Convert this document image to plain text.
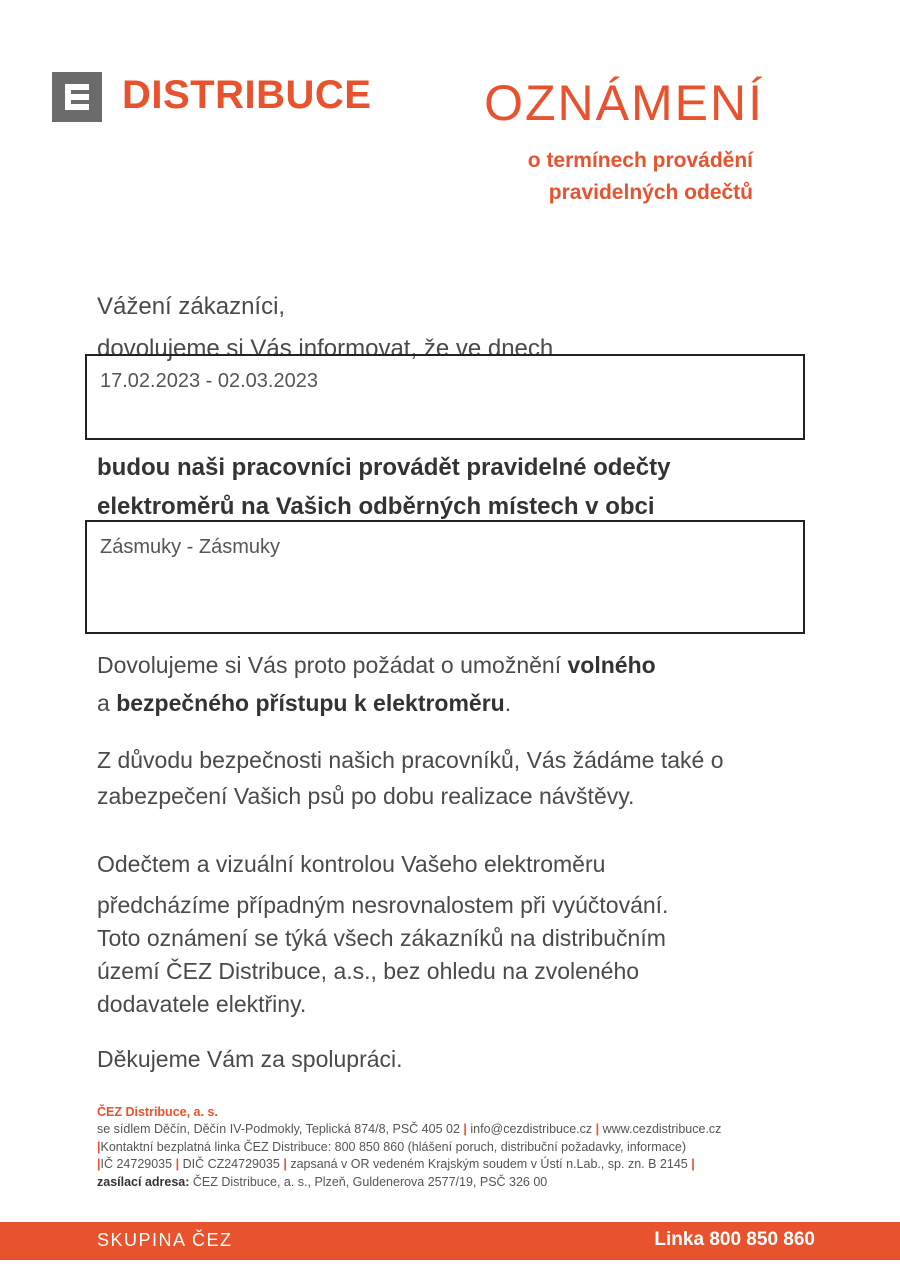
DISTRIBUCE OZNÁMENÍ
o termínech provádění
pravidelných odečtů
Vážení zákazníci,
dovolujeme si Vás informovat, že ve dnech
17.02.2023 - 02.03.2023
budou naši pracovníci provádět pravidelné odečty
elektroměrů na Vašich odběrných místech v obci
Zásmuky - Zásmuky
Dovolujeme si Vás proto požádat o umožnění volného
a bezpečného přístupu k elektroměru.
Z důvodu bezpečnosti našich pracovníků, Vás žádáme také o
zabezpečení Vašich psů po dobu realizace návštěvy.
Odečtem a vizuální kontrolou Vašeho elektroměru
předcházíme případným nesrovnalostem při vyúčtování.
Toto oznámení se týká všech zákazníků na distribučním
území ČEZ Distribuce, a.s., bez ohledu na zvoleného
dodavatele elektřiny.
Děkujeme Vám za spolupráci.
ČEZ Distribuce, a. s.
se sídlem Děčín, Děčín IV-Podmokly, Teplická 874/8, PSČ 405 02 | info@cezdistribuce.cz | www.cezdistribuce.cz
|Kontaktní bezplatná linka ČEZ Distribuce: 800 850 860 (hlášení poruch, distribuční požadavky, informace)
|IČ 24729035 | DIČ CZ24729035 | zapsaná v OR vedeném Krajským soudem v Ústí n.Lab., sp. zn. B 2145 |
zasílací adresa: ČEZ Distribuce, a. s., Plzeň, Guldenerova 2577/19, PSČ 326 00
SKUPINA ČEZ	Linka 800 850 860
